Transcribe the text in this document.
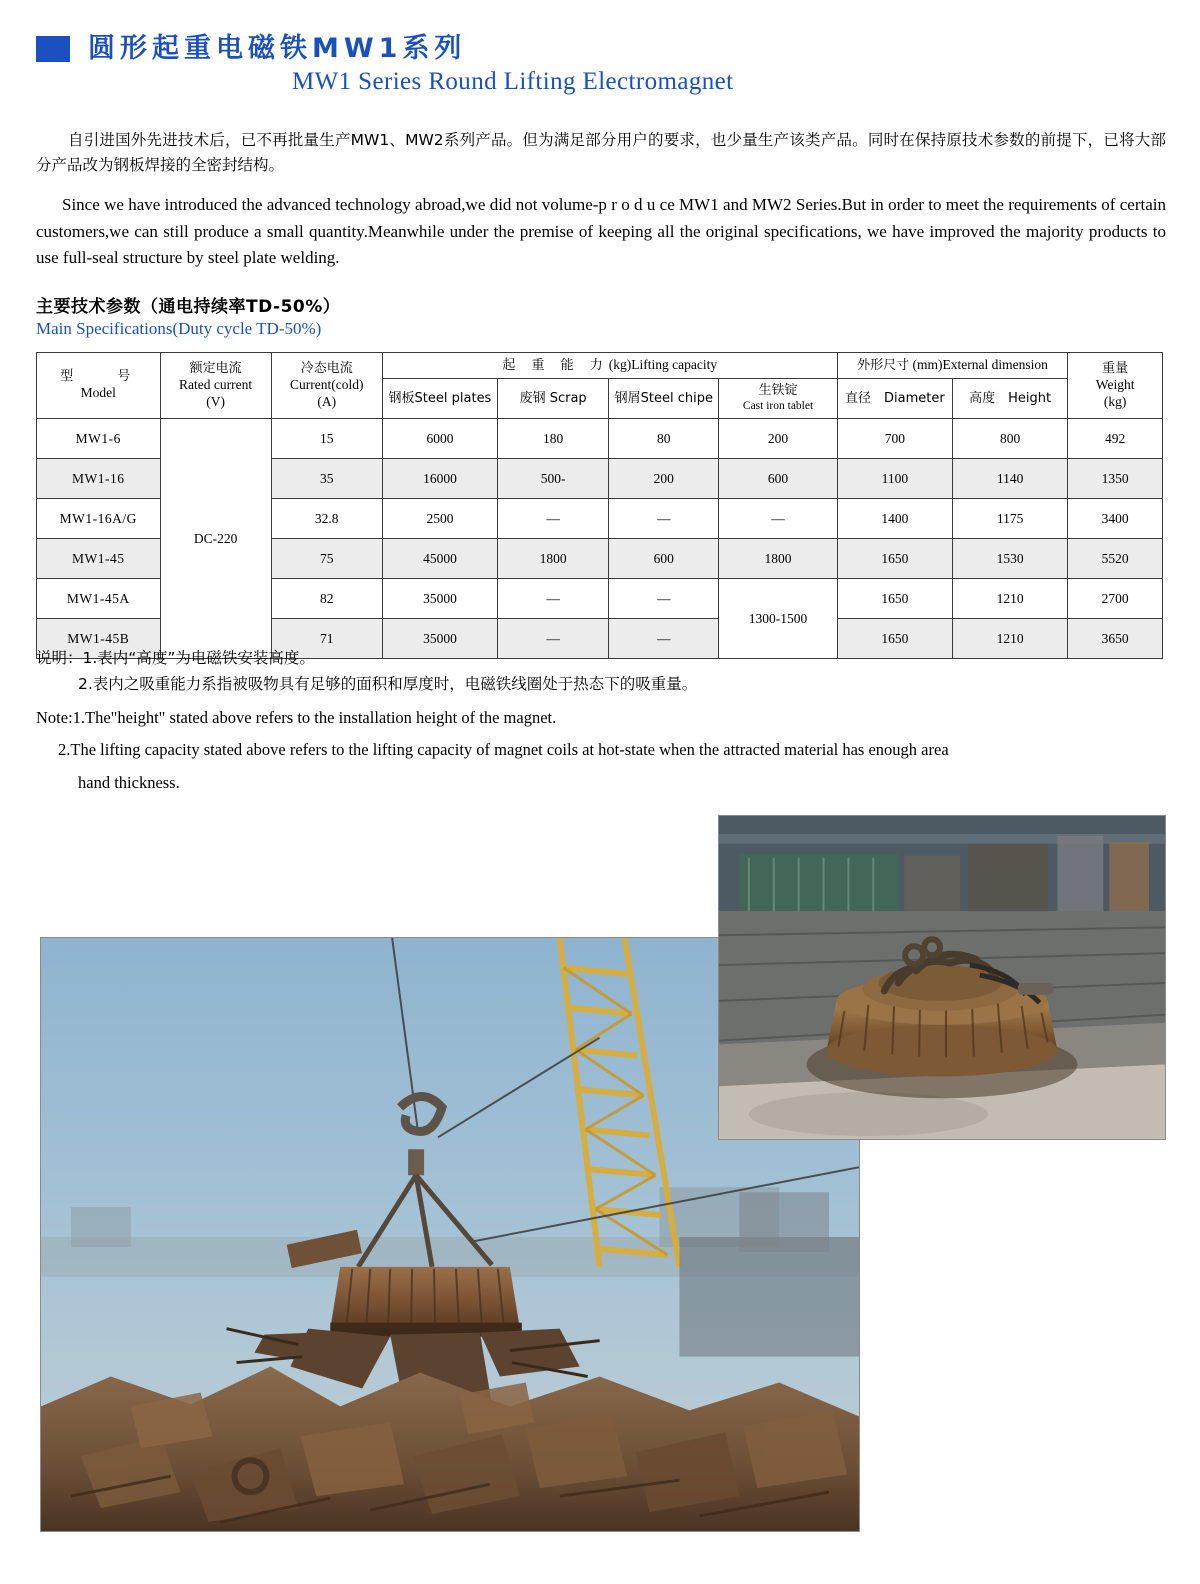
圆形起重电磁铁MW1系列
MW1 Series Round Lifting Electromagnet

自引进国外先进技术后，已不再批量生产MW1、MW2系列产品。但为满足部分用户的要求，也少量生产该类产品。同时在保持原技术参数的前提下，已将大部分产品改为钢板焊接的全密封结构。

Since we have introduced the advanced technology abroad,we did not volume-p r o d u ce MW1 and MW2 Series.But in order to meet the requirements of certain customers,we can still produce a small quantity.Meanwhile under the premise of keeping all the original specifications, we have improved the majority products to use full-seal structure by steel plate welding.

主要技术参数（通电持续率TD-50%）
Main Specifications(Duty cycle TD-50%)
型　　号
Model

额定电流
Rated current
(V)

冷态电流
Current(cold)
(A)
	起 重 能 力(kg)Lifting capacity	外形尺寸 (mm)External dimension	重量
Weight
(kg)

			钢板Steel plates	废钢 Scrap	钢屑Steel chipe	生铁锭
Cast iron tablet	直径　Diameter	高度　Height	
MW1-6	DC-220	15	6000	180	80	200	700	800	492
MW1-16		35	16000	500-	200	600	1100	1140	1350
MW1-16A/G		32.8	2500	—	—	—	1400	1175	3400
MW1-45		75	45000	1800	600	1800	1650	1530	5520
MW1-45A		82	35000	—	—	1300-1500	1650	1210	2700
MW1-45B		71	35000	—	—		1650	1210	3650

说明：1.表内“高度”为电磁铁安装高度。

2.表内之吸重能力系指被吸物具有足够的面积和厚度时，电磁铁线圈处于热态下的吸重量。

Note:1.The"height" stated above refers to the installation height of the magnet.

2.The lifting capacity stated above refers to the lifting capacity of magnet coils at hot-state when the attracted material has enough area

hand thickness.
